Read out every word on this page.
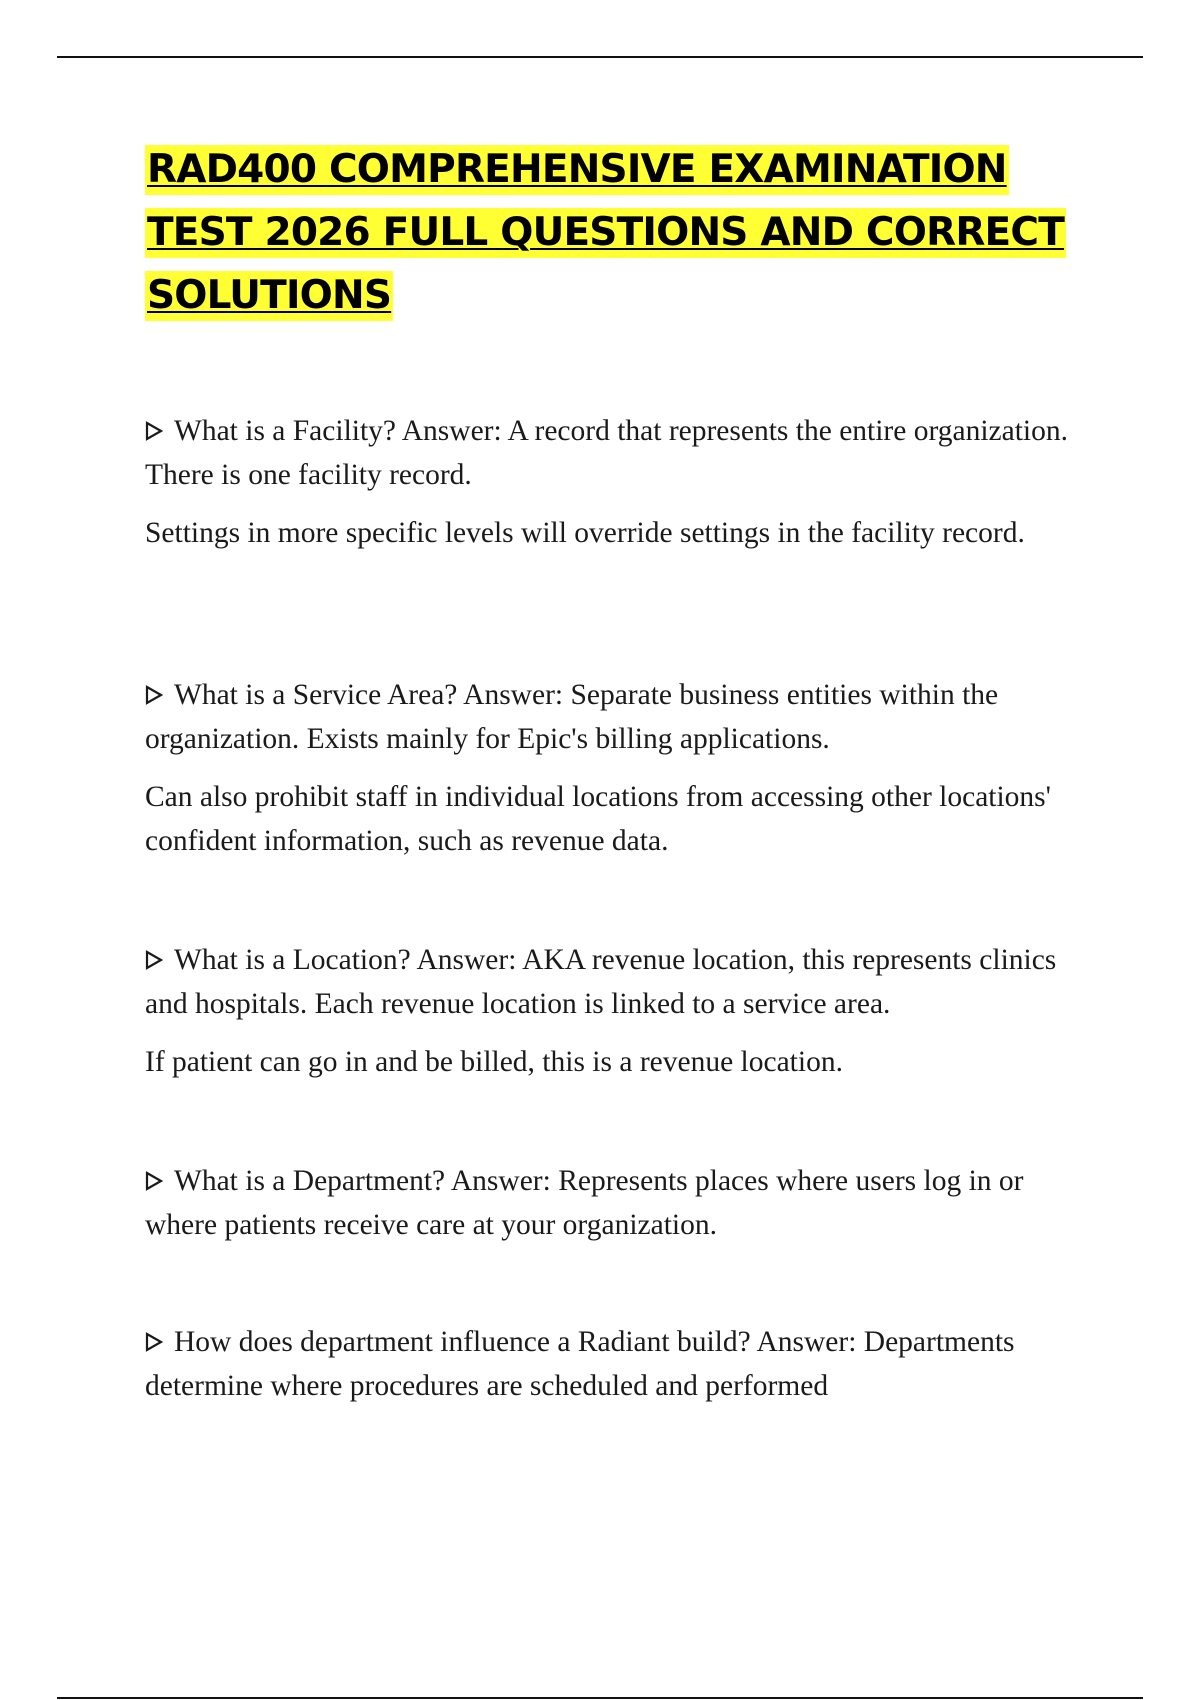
RAD400 COMPREHENSIVE EXAMINATION
TEST 2026 FULL QUESTIONS AND CORRECT
SOLUTIONS

What is a Facility? Answer: A record that represents the entire organization. There is one facility record.

Settings in more specific levels will override settings in the facility record.

What is a Service Area? Answer: Separate business entities within the organization. Exists mainly for Epic's billing applications.

Can also prohibit staff in individual locations from accessing other locations' confident information, such as revenue data.

What is a Location? Answer: AKA revenue location, this represents clinics and hospitals. Each revenue location is linked to a service area.

If patient can go in and be billed, this is a revenue location.

What is a Department? Answer: Represents places where users log in or where patients receive care at your organization.

How does department influence a Radiant build? Answer: Departments determine where procedures are scheduled and performed
